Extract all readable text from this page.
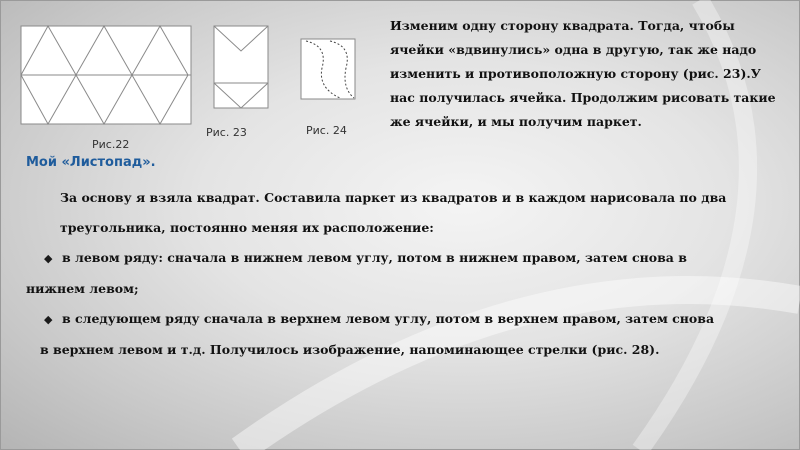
Рис.22
Рис. 23	Рис. 24
Изменим одну сторону квадрата. Тогда, чтобы ячейки «вдвинулись» одна в другую, так же надо изменить и противоположную сторону (рис. 23).У нас получилась ячейка. Продолжим рисовать такие же ячейки, и мы получим паркет.
Мой «Листопад».

За основу я взяла квадрат. Составила паркет из квадратов и в каждом нарисовала по два треугольника, постоянно меняя их расположение:

◆ в левом ряду: сначала в нижнем левом углу, потом в нижнем правом, затем снова в

нижнем левом;

◆ в следующем ряду сначала в верхнем левом углу, потом в верхнем правом, затем снова

в верхнем левом и т.д. Получилось изображение, напоминающее стрелки (рис. 28).
